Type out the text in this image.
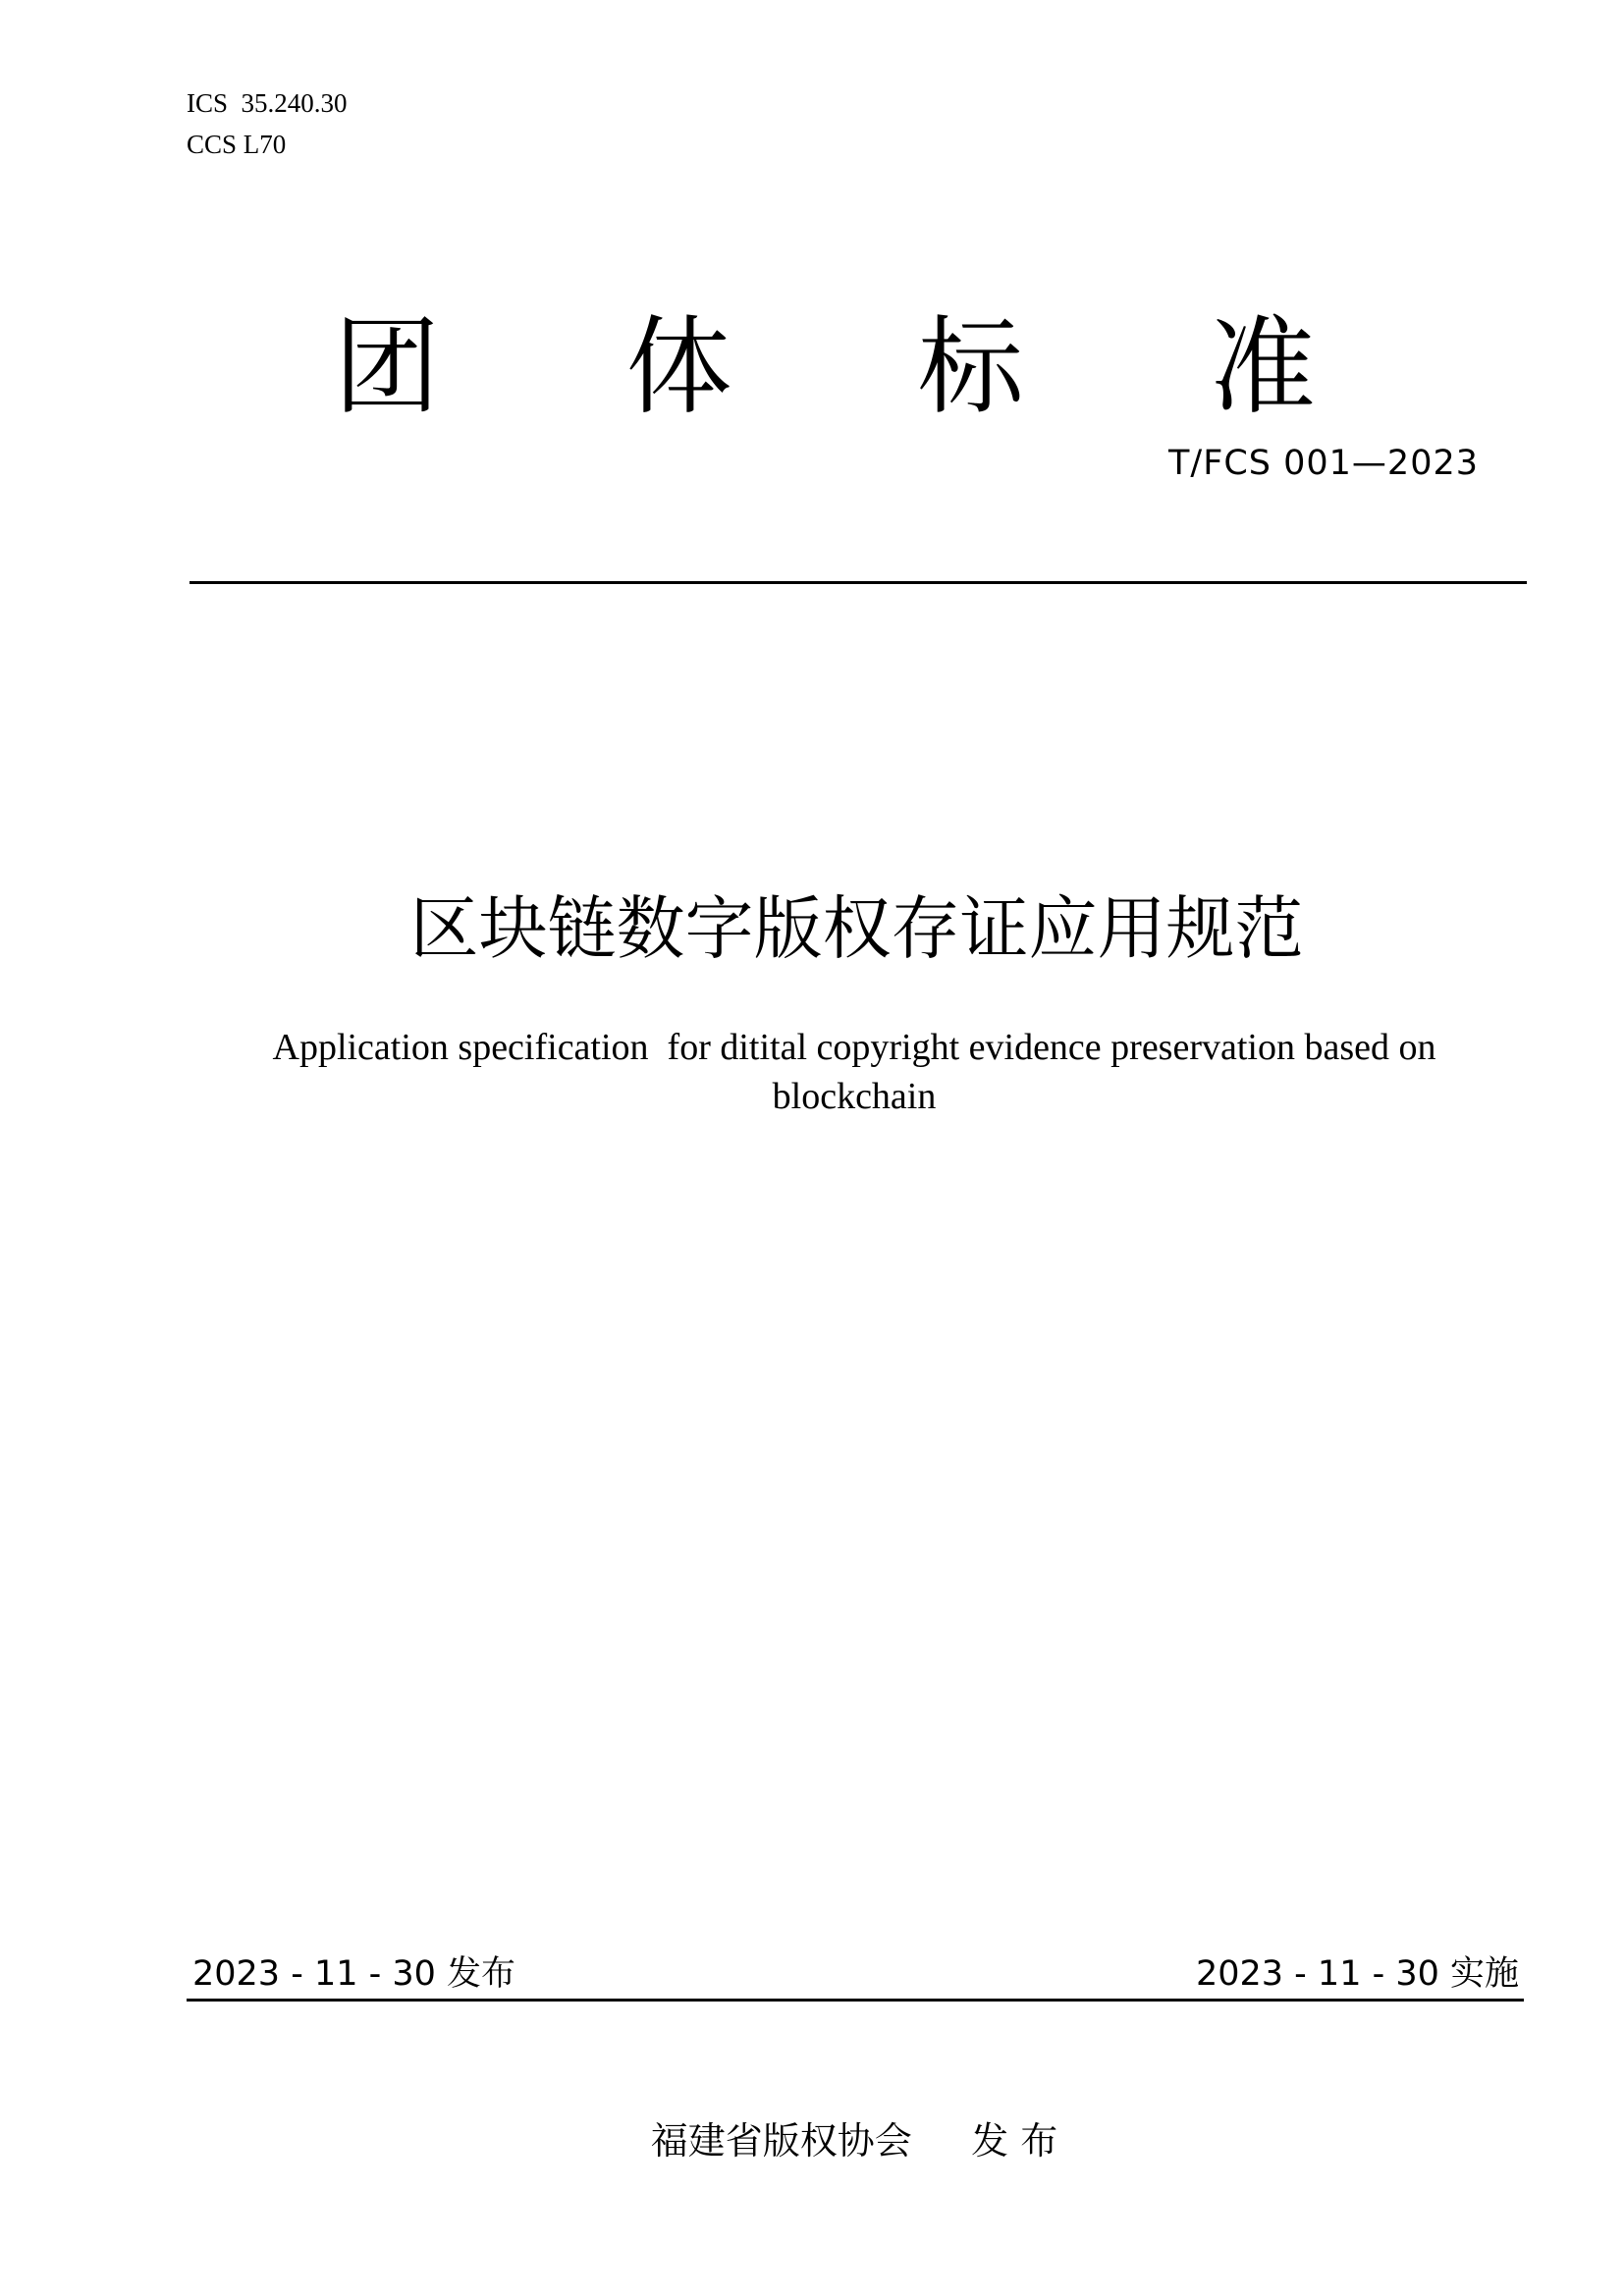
ICS  35.240.30
CCS L70
团 体 标 准
T/FCS 001—2023
区块链数字版权存证应用规范
Application specification  for ditital copyright evidence preservation based on
blockchain
2023 - 11 - 30 发布	2023 - 11 - 30 实施
福建省版权协会     发 布
